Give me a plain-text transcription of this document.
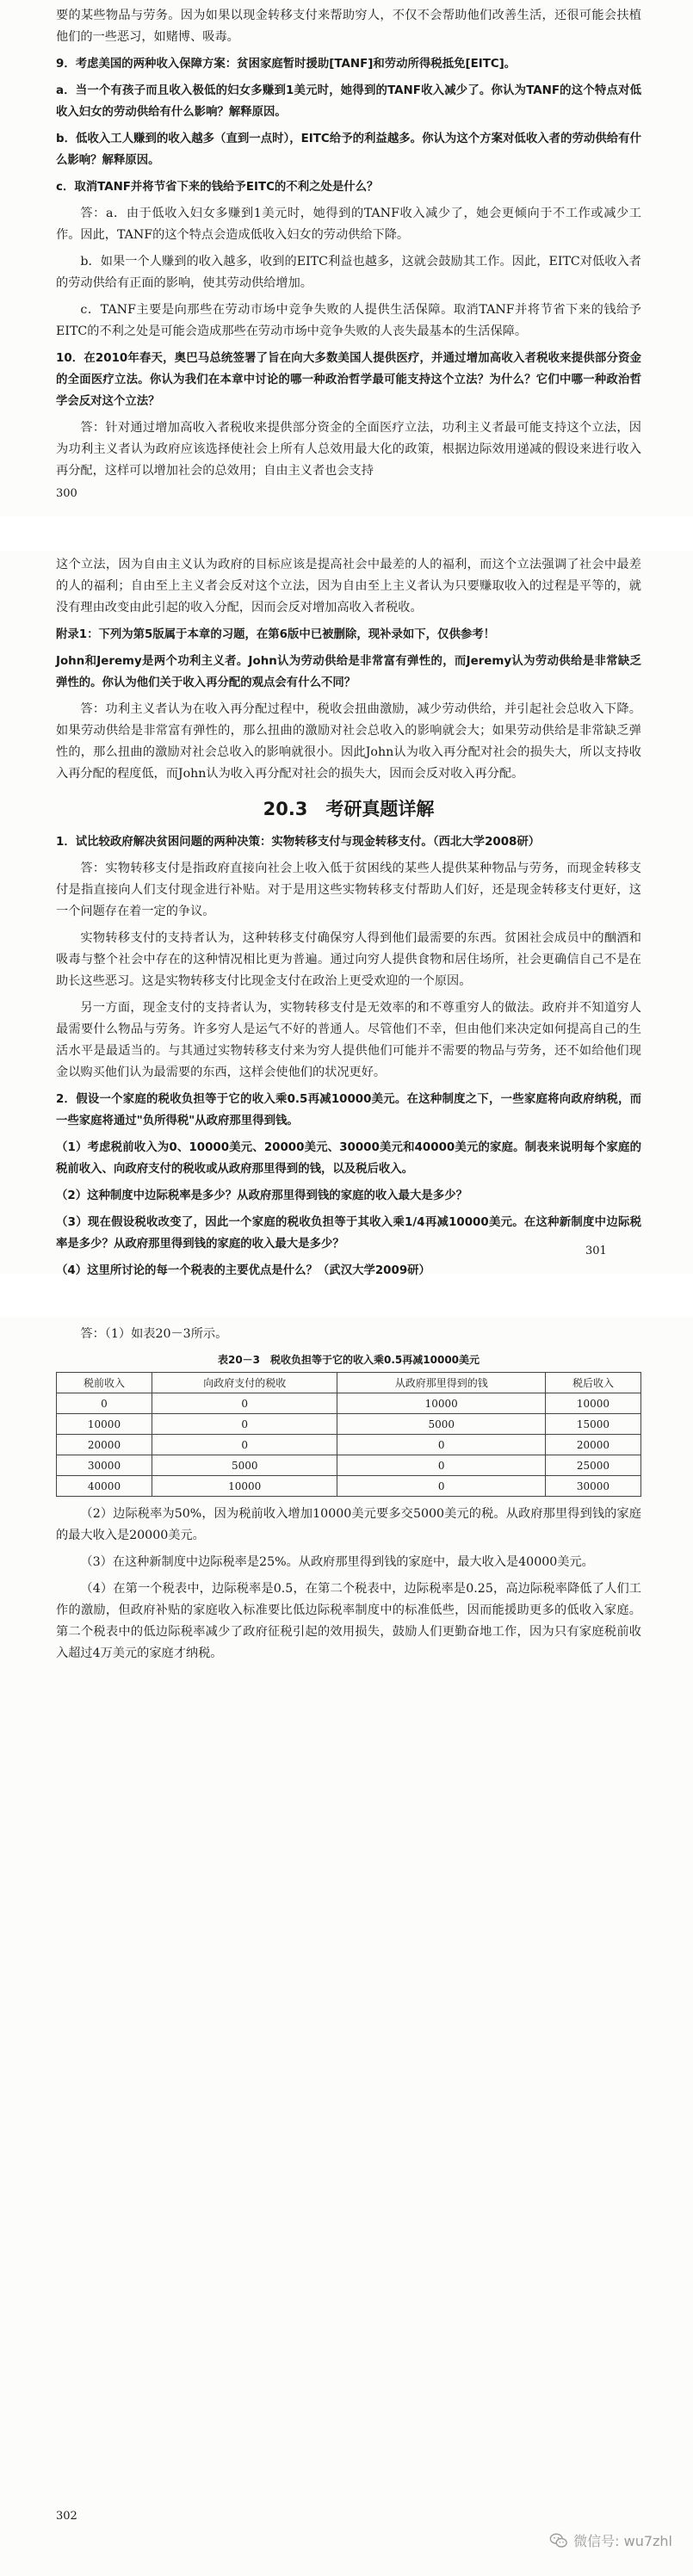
要的某些物品与劳务。因为如果以现金转移支付来帮助穷人，不仅不会帮助他们改善生活，还很可能会扶植他们的一些恶习，如赌博、吸毒。

9．考虑美国的两种收入保障方案：贫困家庭暂时援助[TANF]和劳动所得税抵免[EITC]。

a．当一个有孩子而且收入极低的妇女多赚到1美元时，她得到的TANF收入减少了。你认为TANF的这个特点对低收入妇女的劳动供给有什么影响？解释原因。

b．低收入工人赚到的收入越多（直到一点时），EITC给予的利益越多。你认为这个方案对低收入者的劳动供给有什么影响？解释原因。

c．取消TANF并将节省下来的钱给予EITC的不利之处是什么？

答：a．由于低收入妇女多赚到1美元时，她得到的TANF收入减少了，她会更倾向于不工作或减少工作。因此，TANF的这个特点会造成低收入妇女的劳动供给下降。

b．如果一个人赚到的收入越多，收到的EITC利益也越多，这就会鼓励其工作。因此，EITC对低收入者的劳动供给有正面的影响，使其劳动供给增加。

c．TANF主要是向那些在劳动市场中竞争失败的人提供生活保障。取消TANF并将节省下来的钱给予EITC的不利之处是可能会造成那些在劳动市场中竞争失败的人丧失最基本的生活保障。

10．在2010年春天，奥巴马总统签署了旨在向大多数美国人提供医疗，并通过增加高收入者税收来提供部分资金的全面医疗立法。你认为我们在本章中讨论的哪一种政治哲学最可能支持这个立法？为什么？它们中哪一种政治哲学会反对这个立法？

答：针对通过增加高收入者税收来提供部分资金的全面医疗立法，功利主义者最可能支持这个立法，因为功利主义者认为政府应该选择使社会上所有人总效用最大化的政策，根据边际效用递减的假设来进行收入再分配，这样可以增加社会的总效用；自由主义者也会支持

300

这个立法，因为自由主义认为政府的目标应该是提高社会中最差的人的福利，而这个立法强调了社会中最差的人的福利；自由至上主义者会反对这个立法，因为自由至上主义者认为只要赚取收入的过程是平等的，就没有理由改变由此引起的收入分配，因而会反对增加高收入者税收。

附录1：下列为第5版属于本章的习题，在第6版中已被删除，现补录如下，仅供参考！

John和Jeremy是两个功利主义者。John认为劳动供给是非常富有弹性的，而Jeremy认为劳动供给是非常缺乏弹性的。你认为他们关于收入再分配的观点会有什么不同？

答：功利主义者认为在收入再分配过程中，税收会扭曲激励，减少劳动供给，并引起社会总收入下降。如果劳动供给是非常富有弹性的，那么扭曲的激励对社会总收入的影响就会大；如果劳动供给是非常缺乏弹性的，那么扭曲的激励对社会总收入的影响就很小。因此John认为收入再分配对社会的损失大，所以支持收入再分配的程度低，而John认为收入再分配对社会的损失大，因而会反对收入再分配。

20.3　考研真题详解

1．试比较政府解决贫困问题的两种决策：实物转移支付与现金转移支付。（西北大学2008研）

答：实物转移支付是指政府直接向社会上收入低于贫困线的某些人提供某种物品与劳务，而现金转移支付是指直接向人们支付现金进行补贴。对于是用这些实物转移支付帮助人们好，还是现金转移支付更好，这一个问题存在着一定的争议。

实物转移支付的支持者认为，这种转移支付确保穷人得到他们最需要的东西。贫困社会成员中的酗酒和吸毒与整个社会中存在的这种情况相比更为普遍。通过向穷人提供食物和居住场所，社会更确信自己不是在助长这些恶习。这是实物转移支付比现金支付在政治上更受欢迎的一个原因。

另一方面，现金支付的支持者认为，实物转移支付是无效率的和不尊重穷人的做法。政府并不知道穷人最需要什么物品与劳务。许多穷人是运气不好的普通人。尽管他们不幸，但由他们来决定如何提高自己的生活水平是最适当的。与其通过实物转移支付来为穷人提供他们可能并不需要的物品与劳务，还不如给他们现金以购买他们认为最需要的东西，这样会使他们的状况更好。

2．假设一个家庭的税收负担等于它的收入乘0.5再减10000美元。在这种制度之下，一些家庭将向政府纳税，而一些家庭将通过"负所得税"从政府那里得到钱。

（1）考虑税前收入为0、10000美元、20000美元、30000美元和40000美元的家庭。制表来说明每个家庭的税前收入、向政府支付的税收或从政府那里得到的钱，以及税后收入。

（2）这种制度中边际税率是多少？从政府那里得到钱的家庭的收入最大是多少？

（3）现在假设税收改变了，因此一个家庭的税收负担等于其收入乘1/4再减10000美元。在这种新制度中边际税率是多少？从政府那里得到钱的家庭的收入最大是多少？

（4）这里所讨论的每一个税表的主要优点是什么？（武汉大学2009研）

301

答：（1）如表20－3所示。

表20－3　税收负担等于它的收入乘0.5再减10000美元
税前收入	向政府支付的税收	从政府那里得到的钱	税后收入
0	0	10000	10000
10000	0	5000	15000
20000	0	0	20000
30000	5000	0	25000
40000	10000	0	30000

（2）边际税率为50%，因为税前收入增加10000美元要多交5000美元的税。从政府那里得到钱的家庭的最大收入是20000美元。

（3）在这种新制度中边际税率是25%。从政府那里得到钱的家庭中，最大收入是40000美元。

（4）在第一个税表中，边际税率是0.5，在第二个税表中，边际税率是0.25，高边际税率降低了人们工作的激励，但政府补贴的家庭收入标准要比低边际税率制度中的标准低些，因而能援助更多的低收入家庭。第二个税表中的低边际税率减少了政府征税引起的效用损失，鼓励人们更勤奋地工作，因为只有家庭税前收入超过4万美元的家庭才纳税。

302
微信号: wu7zhl
